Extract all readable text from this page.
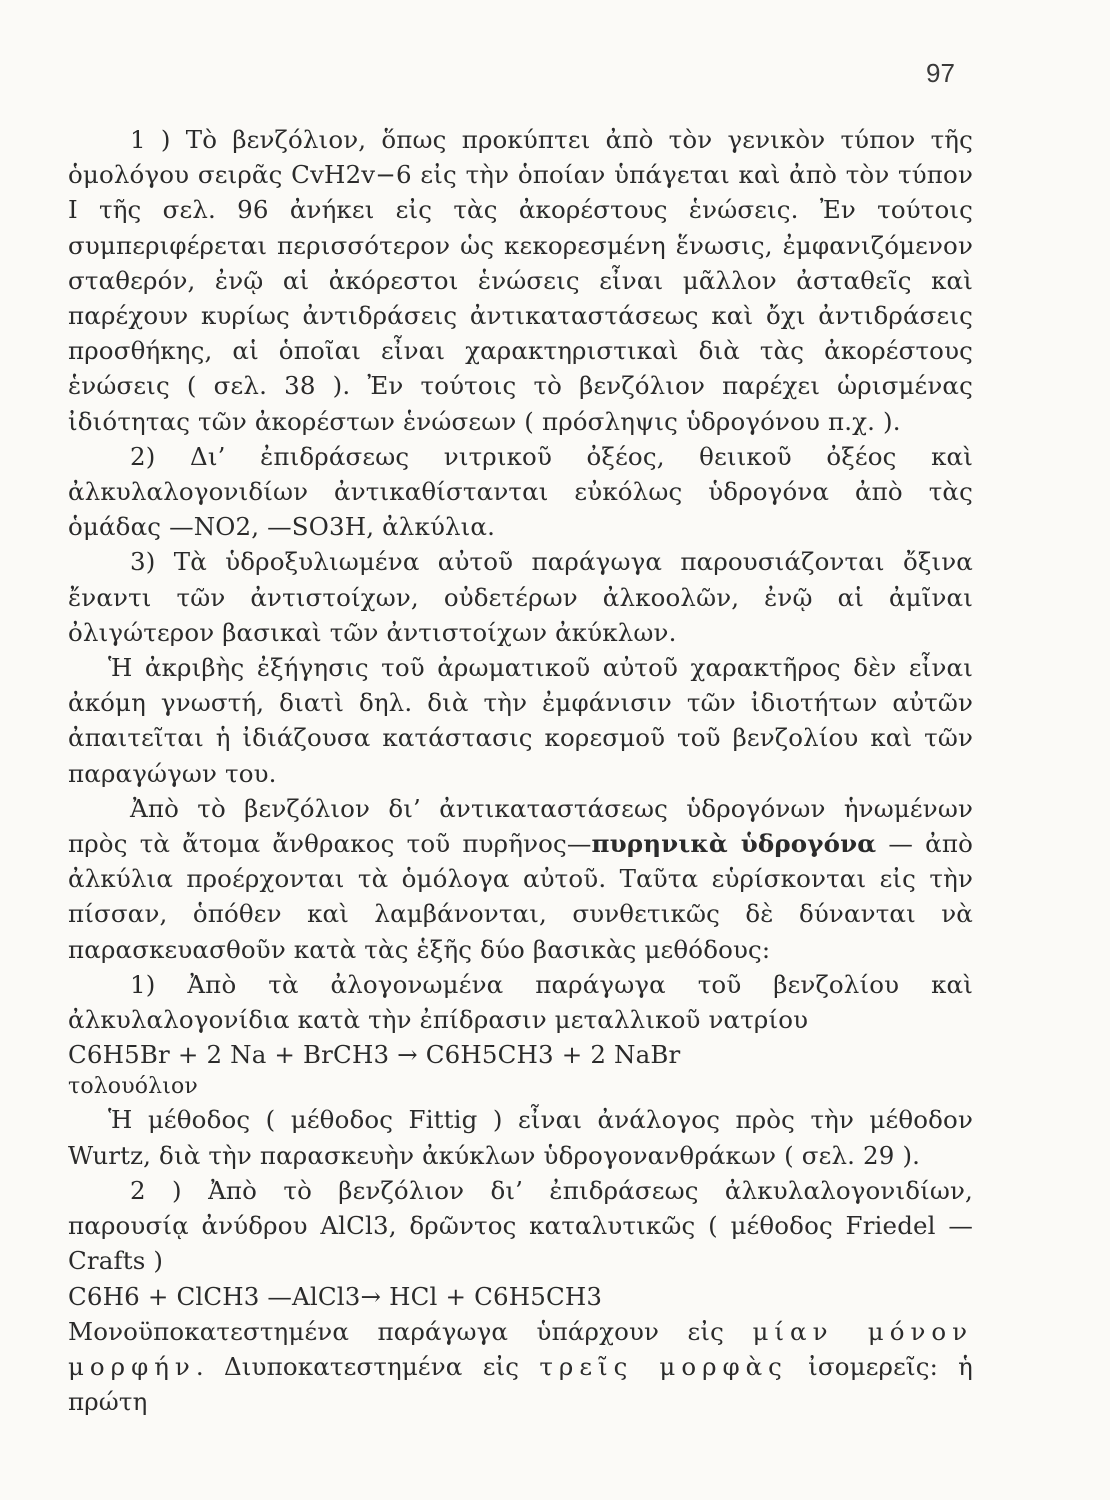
97

1 ) Τὸ βενζόλιον, ὅπως προκύπτει ἀπὸ τὸν γενικὸν τύπον τῆς ὁμολόγου σειρᾶς CvH2v−6 εἰς τὴν ὁποίαν ὑπάγεται καὶ ἀπὸ τὸν τύπον I τῆς σελ. 96 ἀνήκει εἰς τὰς ἀκορέστους ἑνώσεις. Ἐν τούτοις συμπεριφέρεται περισσότερον ὡς κεκορεσμένη ἕνωσις, ἐμφανιζόμενον σταθερόν, ἐνῷ αἱ ἀκόρεστοι ἑνώσεις εἶναι μᾶλλον ἀσταθεῖς καὶ παρέχουν κυρίως ἀντιδράσεις ἀντικαταστάσεως καὶ ὄχι ἀντιδράσεις προσθήκης, αἱ ὁποῖαι εἶναι χαρακτηριστικαὶ διὰ τὰς ἀκορέστους ἑνώσεις ( σελ. 38 ). Ἐν τούτοις τὸ βενζόλιον παρέχει ὡρισμένας ἰδιότητας τῶν ἀκορέστων ἑνώσεων ( πρόσληψις ὑδρογόνου π.χ. ).

2) Δι’ ἐπιδράσεως νιτρικοῦ ὀξέος, θειικοῦ ὀξέος καὶ ἀλκυλαλογονιδίων ἀντικαθίστανται εὐκόλως ὑδρογόνα ἀπὸ τὰς ὁμάδας —NO2, —SO3H, ἀλκύλια.

3) Τὰ ὑδροξυλιωμένα αὐτοῦ παράγωγα παρουσιάζονται ὄξινα ἔναντι τῶν ἀντιστοίχων, οὐδετέρων ἀλκοολῶν, ἐνῷ αἱ ἀμῖναι ὀλιγώτερον βασικαὶ τῶν ἀντιστοίχων ἀκύκλων.

Ἡ ἀκριβὴς ἐξήγησις τοῦ ἀρωματικοῦ αὐτοῦ χαρακτῆρος δὲν εἶναι ἀκόμη γνωστή, διατὶ δηλ. διὰ τὴν ἐμφάνισιν τῶν ἰδιοτήτων αὐτῶν ἀπαιτεῖται ἡ ἰδιάζουσα κατάστασις κορεσμοῦ τοῦ βενζολίου καὶ τῶν παραγώγων του.

Ἀπὸ τὸ βενζόλιον δι’ ἀντικαταστάσεως ὑδρογόνων ἡνωμένων πρὸς τὰ ἄτομα ἄνθρακος τοῦ πυρῆνος—πυρηνικὰ ὑδρογόνα — ἀπὸ ἀλκύλια προέρχονται τὰ ὁμόλογα αὐτοῦ. Ταῦτα εὑρίσκονται εἰς τὴν πίσσαν, ὁπόθεν καὶ λαμβάνονται, συνθετικῶς δὲ δύνανται νὰ παρασκευασθοῦν κατὰ τὰς ἑξῆς δύο βασικὰς μεθόδους:

1) Ἀπὸ τὰ ἀλογονωμένα παράγωγα τοῦ βενζολίου καὶ ἀλκυλαλογονίδια κατὰ τὴν ἐπίδρασιν μεταλλικοῦ νατρίου

C6H5Br + 2 Na + BrCH3 → C6H5CH3 + 2 NaBr
τολουόλιον

Ἡ μέθοδος ( μέθοδος Fittig ) εἶναι ἀνάλογος πρὸς τὴν μέθοδον Wurtz, διὰ τὴν παρασκευὴν ἀκύκλων ὑδρογονανθράκων ( σελ. 29 ).

2 ) Ἀπὸ τὸ βενζόλιον δι’ ἐπιδράσεως ἀλκυλαλογονιδίων, παρουσίᾳ ἀνύδρου AlCl3, δρῶντος καταλυτικῶς ( μέθοδος Friedel — Crafts )

C6H6 + ClCH3 —AlCl3→ HCl + C6H5CH3

Μονοϋποκατεστημένα παράγωγα ὑπάρχουν εἰς μίαν μόνον μορφήν. Διυποκατεστημένα εἰς τρεῖς μορφὰς ἰσομερεῖς: ἡ πρώτη
